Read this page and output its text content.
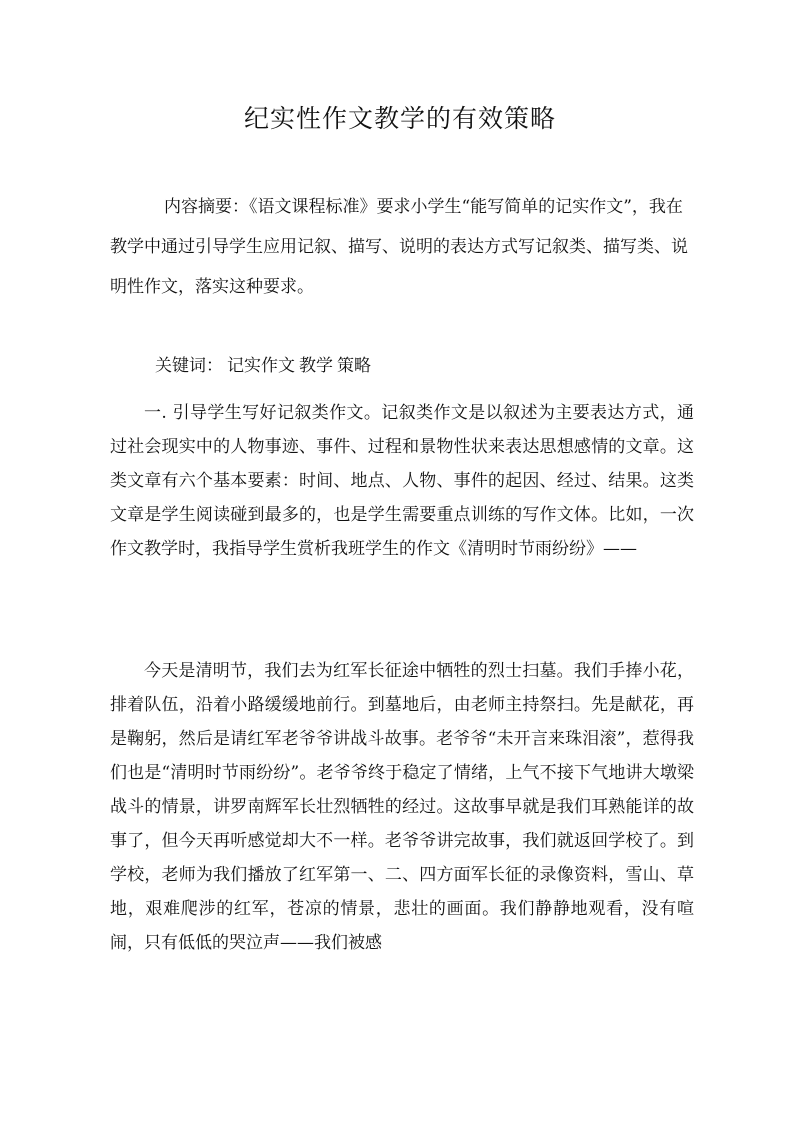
纪实性作文教学的有效策略

内容摘要：《语文课程标准》要求小学生“能写简单的记实作文”，我在教学中通过引导学生应用记叙、描写、说明的表达方式写记叙类、描写类、说明性作文，落实这种要求。

关键词： 记实作文 教学 策略

一. 引导学生写好记叙类作文。记叙类作文是以叙述为主要表达方式，通过社会现实中的人物事迹、事件、过程和景物性状来表达思想感情的文章。这类文章有六个基本要素：时间、地点、人物、事件的起因、经过、结果。这类文章是学生阅读碰到最多的，也是学生需要重点训练的写作文体。比如，一次作文教学时，我指导学生赏析我班学生的作文《清明时节雨纷纷》——

今天是清明节，我们去为红军长征途中牺牲的烈士扫墓。我们手捧小花，排着队伍，沿着小路缓缓地前行。到墓地后，由老师主持祭扫。先是献花，再是鞠躬，然后是请红军老爷爷讲战斗故事。老爷爷“未开言来珠泪滚”，惹得我们也是“清明时节雨纷纷”。老爷爷终于稳定了情绪，上气不接下气地讲大墩梁战斗的情景，讲罗南辉军长壮烈牺牲的经过。这故事早就是我们耳熟能详的故事了，但今天再听感觉却大不一样。老爷爷讲完故事，我们就返回学校了。到学校，老师为我们播放了红军第一、二、四方面军长征的录像资料，雪山、草地，艰难爬涉的红军，苍凉的情景，悲壮的画面。我们静静地观看，没有喧闹，只有低低的哭泣声——我们被感
